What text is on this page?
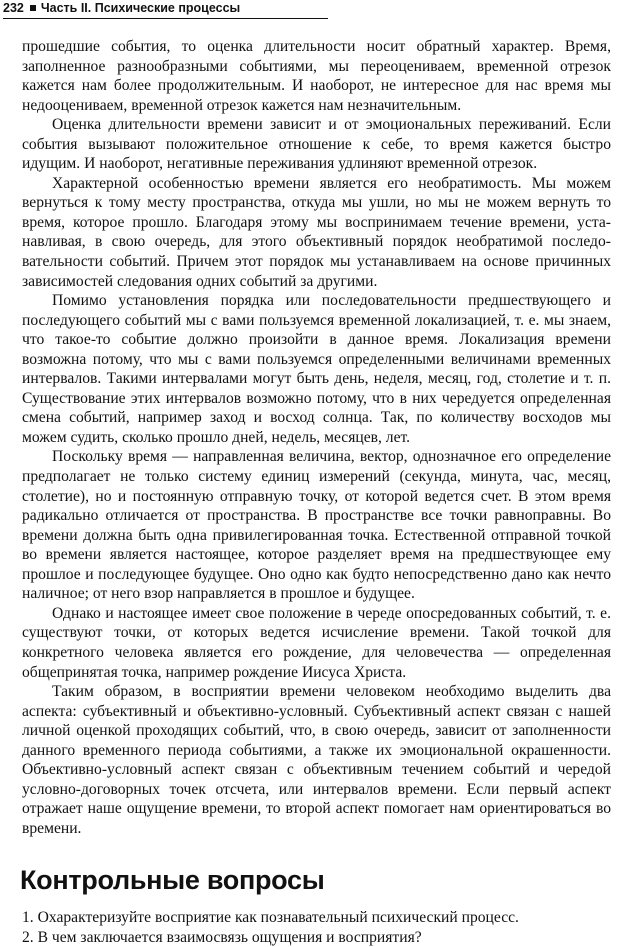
232 Часть II. Психические процессы

прошедшие события, то оценка длительности носит обратный характер. Время, заполненное разнообразными событиями, мы переоцениваем, временной отрезок кажется нам более продолжительным. И наоборот, не интересное для нас время мы недооцениваем, временной отрезок кажется нам незначительным.

Оценка длительности времени зависит и от эмоциональных переживаний. Если события вызывают положительное отношение к себе, то время кажется быстро идущим. И наоборот, негативные переживания удлиняют временной отрезок.

Характерной особенностью времени является его необратимость. Мы можем вернуться к тому месту пространства, откуда мы ушли, но мы не можем вернуть то время, которое прошло. Благодаря этому мы воспринимаем течение времени, устанавливая, в свою очередь, для этого объективный порядок необратимой последовательности событий. Причем этот порядок мы устанавливаем на основе причинных зависимостей следования одних событий за другими.

Помимо установления порядка или последовательности предшествующего и последующего событий мы с вами пользуемся временной локализацией, т. е. мы знаем, что такое-то событие должно произойти в данное время. Локализация времени возможна потому, что мы с вами пользуемся определенными величинами временных интервалов. Такими интервалами могут быть день, неделя, месяц, год, столетие и т. п. Существование этих интервалов возможно потому, что в них чередуется определенная смена событий, например заход и восход солнца. Так, по количеству восходов мы можем судить, сколько прошло дней, недель, месяцев, лет.

Поскольку время — направленная величина, вектор, однозначное его определение предполагает не только систему единиц измерений (секунда, минута, час, месяц, столетие), но и постоянную отправную точку, от которой ведется счет. В этом время радикально отличается от пространства. В пространстве все точки равноправны. Во времени должна быть одна привилегированная точка. Естественной отправной точкой во времени является настоящее, которое разделяет время на предшествующее ему прошлое и последующее будущее. Оно одно как будто непосредственно дано как нечто наличное; от него взор направляется в прошлое и будущее.

Однако и настоящее имеет свое положение в череде опосредованных событий, т. е. существуют точки, от которых ведется исчисление времени. Такой точкой для конкретного человека является его рождение, для человечества — определенная общепринятая точка, например рождение Иисуса Христа.

Таким образом, в восприятии времени человеком необходимо выделить два аспекта: субъективный и объективно-условный. Субъективный аспект связан с нашей личной оценкой проходящих событий, что, в свою очередь, зависит от заполненности данного временного периода событиями, а также их эмоциональной окрашенности. Объективно-условный аспект связан с объективным течением событий и чередой условно-договорных точек отсчета, или интервалов времени. Если первый аспект отражает наше ощущение времени, то второй аспект помогает нам ориентироваться во времени.

Контрольные вопросы
1. Охарактеризуйте восприятие как познавательный психический процесс.
2. В чем заключается взаимосвязь ощущения и восприятия?
